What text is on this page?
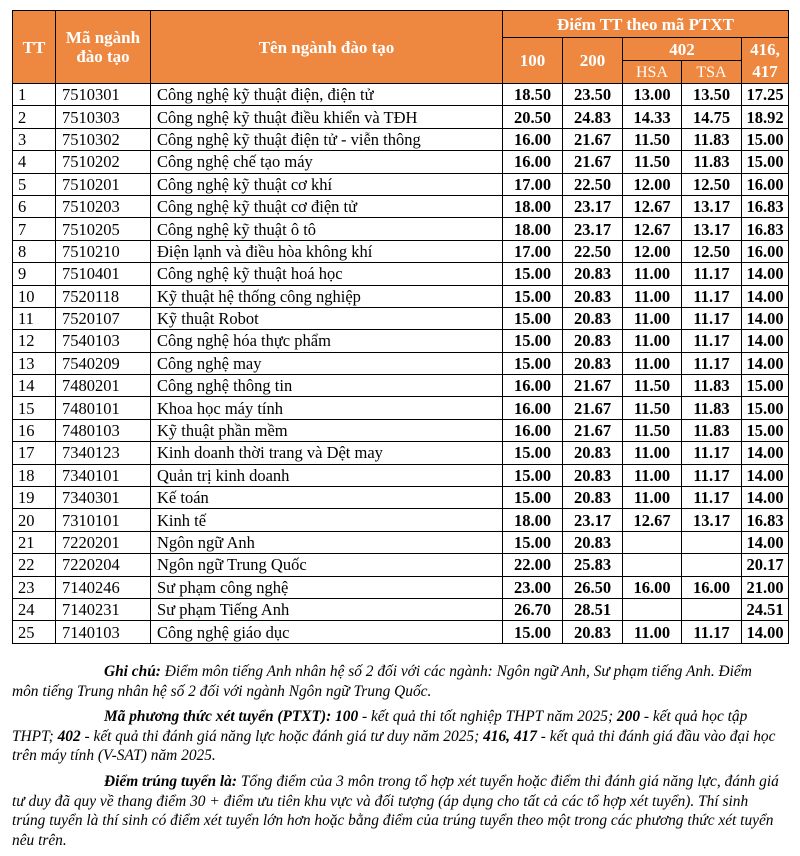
TT	Mã ngành đào tạo	Tên ngành đào tạo	Điểm TT theo mã PTXT				
			100	200	402		416, 417
					HSA	TSA	
1	7510301	Công nghệ kỹ thuật điện, điện tử	18.50	23.50	13.00	13.50	17.25
2	7510303	Công nghệ kỹ thuật điều khiển và TĐH	20.50	24.83	14.33	14.75	18.92
3	7510302	Công nghệ kỹ thuật điện tử - viễn thông	16.00	21.67	11.50	11.83	15.00
4	7510202	Công nghệ chế tạo máy	16.00	21.67	11.50	11.83	15.00
5	7510201	Công nghệ kỹ thuật cơ khí	17.00	22.50	12.00	12.50	16.00
6	7510203	Công nghệ kỹ thuật cơ điện tử	18.00	23.17	12.67	13.17	16.83
7	7510205	Công nghệ kỹ thuật ô tô	18.00	23.17	12.67	13.17	16.83
8	7510210	Điện lạnh và điều hòa không khí	17.00	22.50	12.00	12.50	16.00
9	7510401	Công nghệ kỹ thuật hoá học	15.00	20.83	11.00	11.17	14.00
10	7520118	Kỹ thuật hệ thống công nghiệp	15.00	20.83	11.00	11.17	14.00
11	7520107	Kỹ thuật Robot	15.00	20.83	11.00	11.17	14.00
12	7540103	Công nghệ hóa thực phẩm	15.00	20.83	11.00	11.17	14.00
13	7540209	Công nghệ may	15.00	20.83	11.00	11.17	14.00
14	7480201	Công nghệ thông tin	16.00	21.67	11.50	11.83	15.00
15	7480101	Khoa học máy tính	16.00	21.67	11.50	11.83	15.00
16	7480103	Kỹ thuật phần mềm	16.00	21.67	11.50	11.83	15.00
17	7340123	Kinh doanh thời trang và Dệt may	15.00	20.83	11.00	11.17	14.00
18	7340101	Quản trị kinh doanh	15.00	20.83	11.00	11.17	14.00
19	7340301	Kế toán	15.00	20.83	11.00	11.17	14.00
20	7310101	Kinh tế	18.00	23.17	12.67	13.17	16.83
21	7220201	Ngôn ngữ Anh	15.00	20.83			14.00
22	7220204	Ngôn ngữ Trung Quốc	22.00	25.83			20.17
23	7140246	Sư phạm công nghệ	23.00	26.50	16.00	16.00	21.00
24	7140231	Sư phạm Tiếng Anh	26.70	28.51			24.51
25	7140103	Công nghệ giáo dục	15.00	20.83	11.00	11.17	14.00

Ghi chú: Điểm môn tiếng Anh nhân hệ số 2 đối với các ngành: Ngôn ngữ Anh, Sư phạm tiếng Anh. Điểm môn tiếng Trung nhân hệ số 2 đối với ngành Ngôn ngữ Trung Quốc.

Mã phương thức xét tuyển (PTXT): 100 - kết quả thi tốt nghiệp THPT năm 2025; 200 - kết quả học tập THPT; 402 - kết quả thi đánh giá năng lực hoặc đánh giá tư duy năm 2025; 416, 417 - kết quả thi đánh giá đầu vào đại học trên máy tính (V-SAT) năm 2025.

Điểm trúng tuyển là: Tổng điểm của 3 môn trong tổ hợp xét tuyển hoặc điểm thi đánh giá năng lực, đánh giá tư duy đã quy về thang điểm 30 + điểm ưu tiên khu vực và đối tượng (áp dụng cho tất cả các tổ hợp xét tuyển). Thí sinh trúng tuyển là thí sinh có điểm xét tuyển lớn hơn hoặc bằng điểm của trúng tuyển theo một trong các phương thức xét tuyển nêu trên.
